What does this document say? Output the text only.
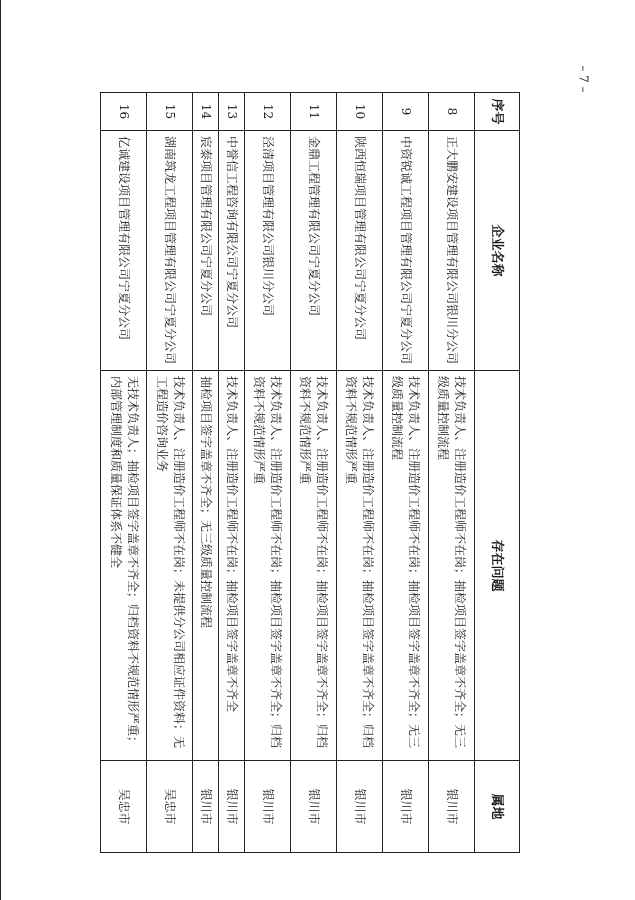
– 7 –
序号	企业名称	存在问题	属地
8	正大鹏安建设项目管理有限公司银川分公司	技术负责人、注册造价工程师不在岗；抽检项目签字盖章不齐全；无三级质量控制流程	银川市
9	中资锐诚工程项目管理有限公司宁夏分公司	技术负责人、注册造价工程师不在岗；抽检项目签字盖章不齐全；无三级质量控制流程	银川市
10	陕西恒瑞项目管理有限公司宁夏分公司	技术负责人、注册造价工程师不在岗；抽检项目签字盖章不齐全；归档资料不规范情形严重	银川市
11	金鼎工程管理有限公司宁夏分公司	技术负责人、注册造价工程师不在岗；抽检项目签字盖章不齐全；归档资料不规范情形严重	银川市
12	泾清项目管理有限公司银川分公司	技术负责人、注册造价工程师不在岗；抽检项目签字盖章不齐全；归档资料不规范情形严重	银川市
13	中誉信工程咨询有限公司宁夏分公司	技术负责人、注册造价工程师不在岗；抽检项目签字盖章不齐全	银川市
14	宸泰项目管理有限公司宁夏分公司	抽检项目签字盖章不齐全；无三级质量控制流程	银川市
15	湖南筑龙工程项目管理有限公司宁夏分公司	技术负责人、注册造价工程师不在岗；未提供分公司相应证件资料；无工程造价咨询业务	吴忠市
16	亿诚建设项目管理有限公司宁夏分公司	无技术负责人；抽检项目签字盖章不齐全；归档资料不规范情形严重；内部管理制度和质量保证体系不健全	吴忠市
